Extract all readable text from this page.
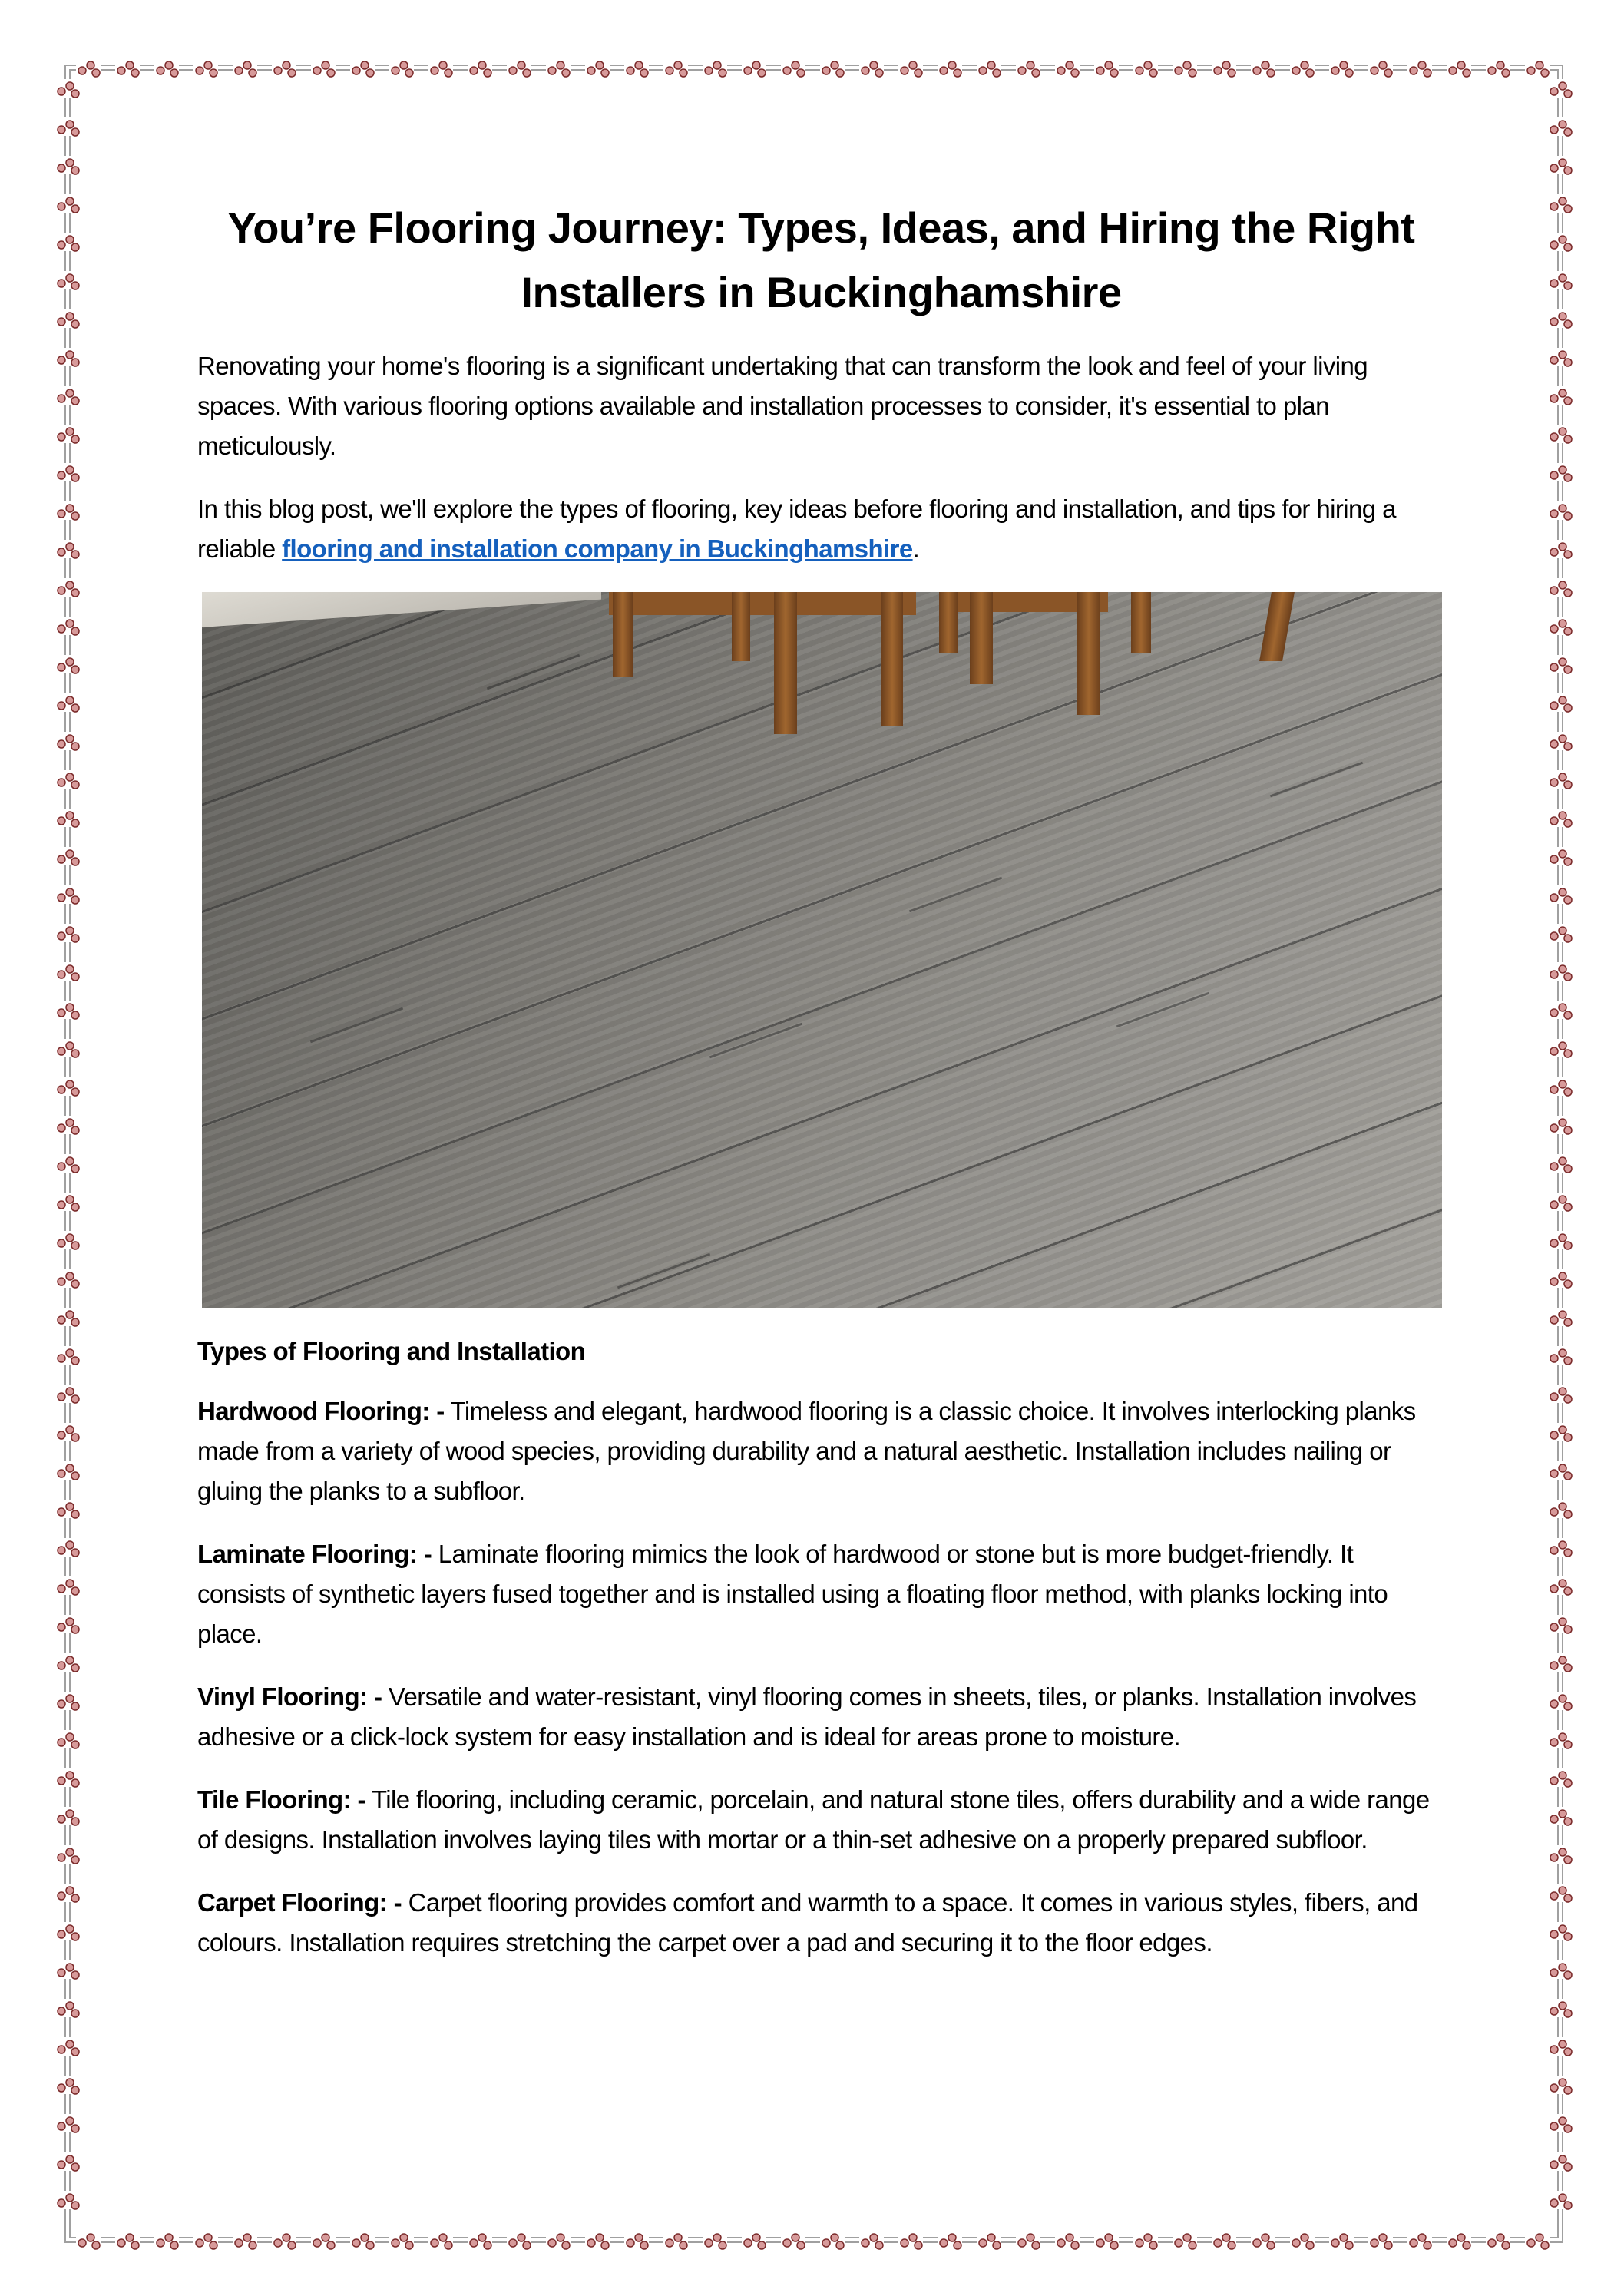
You’re Flooring Journey: Types, Ideas, and Hiring the Right Installers in Buckinghamshire

Renovating your home's flooring is a significant undertaking that can transform the look and feel of your living spaces. With various flooring options available and installation processes to consider, it's essential to plan meticulously.

In this blog post, we'll explore the types of flooring, key ideas before flooring and installation, and tips for hiring a reliable flooring and installation company in Buckinghamshire.

Types of Flooring and Installation

Hardwood Flooring: - Timeless and elegant, hardwood flooring is a classic choice. It involves interlocking planks made from a variety of wood species, providing durability and a natural aesthetic. Installation includes nailing or gluing the planks to a subfloor.

Laminate Flooring: - Laminate flooring mimics the look of hardwood or stone but is more budget-friendly. It consists of synthetic layers fused together and is installed using a floating floor method, with planks locking into place.

Vinyl Flooring: - Versatile and water-resistant, vinyl flooring comes in sheets, tiles, or planks. Installation involves adhesive or a click-lock system for easy installation and is ideal for areas prone to moisture.

Tile Flooring: - Tile flooring, including ceramic, porcelain, and natural stone tiles, offers durability and a wide range of designs. Installation involves laying tiles with mortar or a thin-set adhesive on a properly prepared subfloor.

Carpet Flooring: - Carpet flooring provides comfort and warmth to a space. It comes in various styles, fibers, and colours. Installation requires stretching the carpet over a pad and securing it to the floor edges.
